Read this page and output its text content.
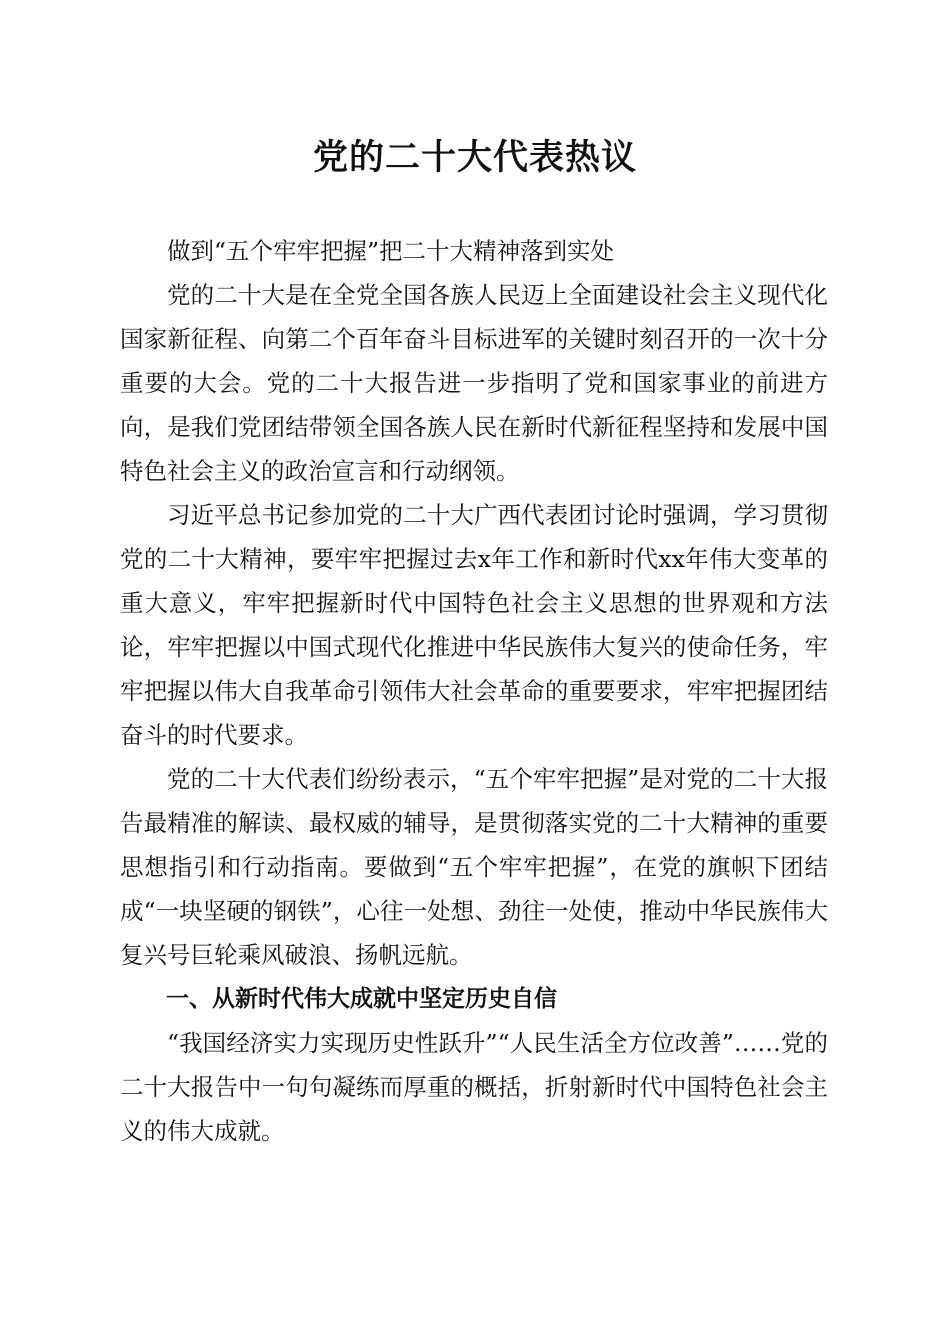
党的二十大代表热议

做到“五个牢牢把握”把二十大精神落到实处

党的二十大是在全党全国各族人民迈上全面建设社会主义现代化国家新征程、向第二个百年奋斗目标进军的关键时刻召开的一次十分重要的大会。党的二十大报告进一步指明了党和国家事业的前进方向，是我们党团结带领全国各族人民在新时代新征程坚持和发展中国特色社会主义的政治宣言和行动纲领。

习近平总书记参加党的二十大广西代表团讨论时强调，学习贯彻党的二十大精神，要牢牢把握过去x年工作和新时代xx年伟大变革的重大意义，牢牢把握新时代中国特色社会主义思想的世界观和方法论，牢牢把握以中国式现代化推进中华民族伟大复兴的使命任务，牢牢把握以伟大自我革命引领伟大社会革命的重要要求，牢牢把握团结奋斗的时代要求。

党的二十大代表们纷纷表示，“五个牢牢把握”是对党的二十大报告最精准的解读、最权威的辅导，是贯彻落实党的二十大精神的重要思想指引和行动指南。要做到“五个牢牢把握”，在党的旗帜下团结成“一块坚硬的钢铁”，心往一处想、劲往一处使，推动中华民族伟大复兴号巨轮乘风破浪、扬帆远航。

一、从新时代伟大成就中坚定历史自信

“我国经济实力实现历史性跃升”“人民生活全方位改善”……党的二十大报告中一句句凝练而厚重的概括，折射新时代中国特色社会主义的伟大成就。
